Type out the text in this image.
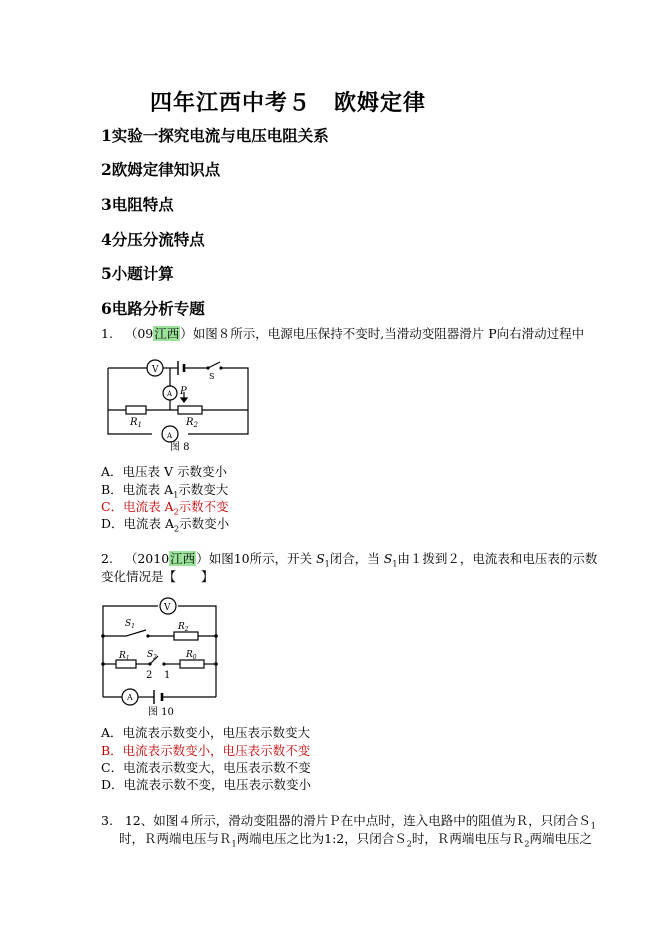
四年江西中考５　欧姆定律
1实验一探究电流与电压电阻关系
2欧姆定律知识点
3电阻特点
4分压分流特点
5小题计算
6电路分析专题
1. （09江西）如图８所示，电源电压保持不变时,当滑动变阻器滑片 P向右滑动过程中
V
A
A
S
P
$R_1$	$R_2$
图 8
A．电压表 V 示数变小
B．电流表 $A_1$示数变大
C．电流表 $A_2$示数不变
D．电流表 $A_2$示数变小
2. （2010江西）如图10所示，开关 $S_1$闭合，当 $S_1$由１拨到２，电流表和电压表的示数
变化情况是【　　】
V
A
$S_1$	$R_2$
$R_1$ $S_2$	$R_0$
2 1
图 10
A．电流表示数变小，电压表示数变大
B．电流表示数变小，电压表示数不变
C．电流表示数变大，电压表示数不变
D．电流表示数不变，电压表示数变小
3. 12、如图４所示，滑动变阻器的滑片Ｐ在中点时，连入电路中的阻值为Ｒ，只闭合Ｓ$_1$
时，Ｒ两端电压与Ｒ$_1$两端电压之比为1:2，只闭合Ｓ$_2$时，Ｒ两端电压与Ｒ$_2$两端电压之
